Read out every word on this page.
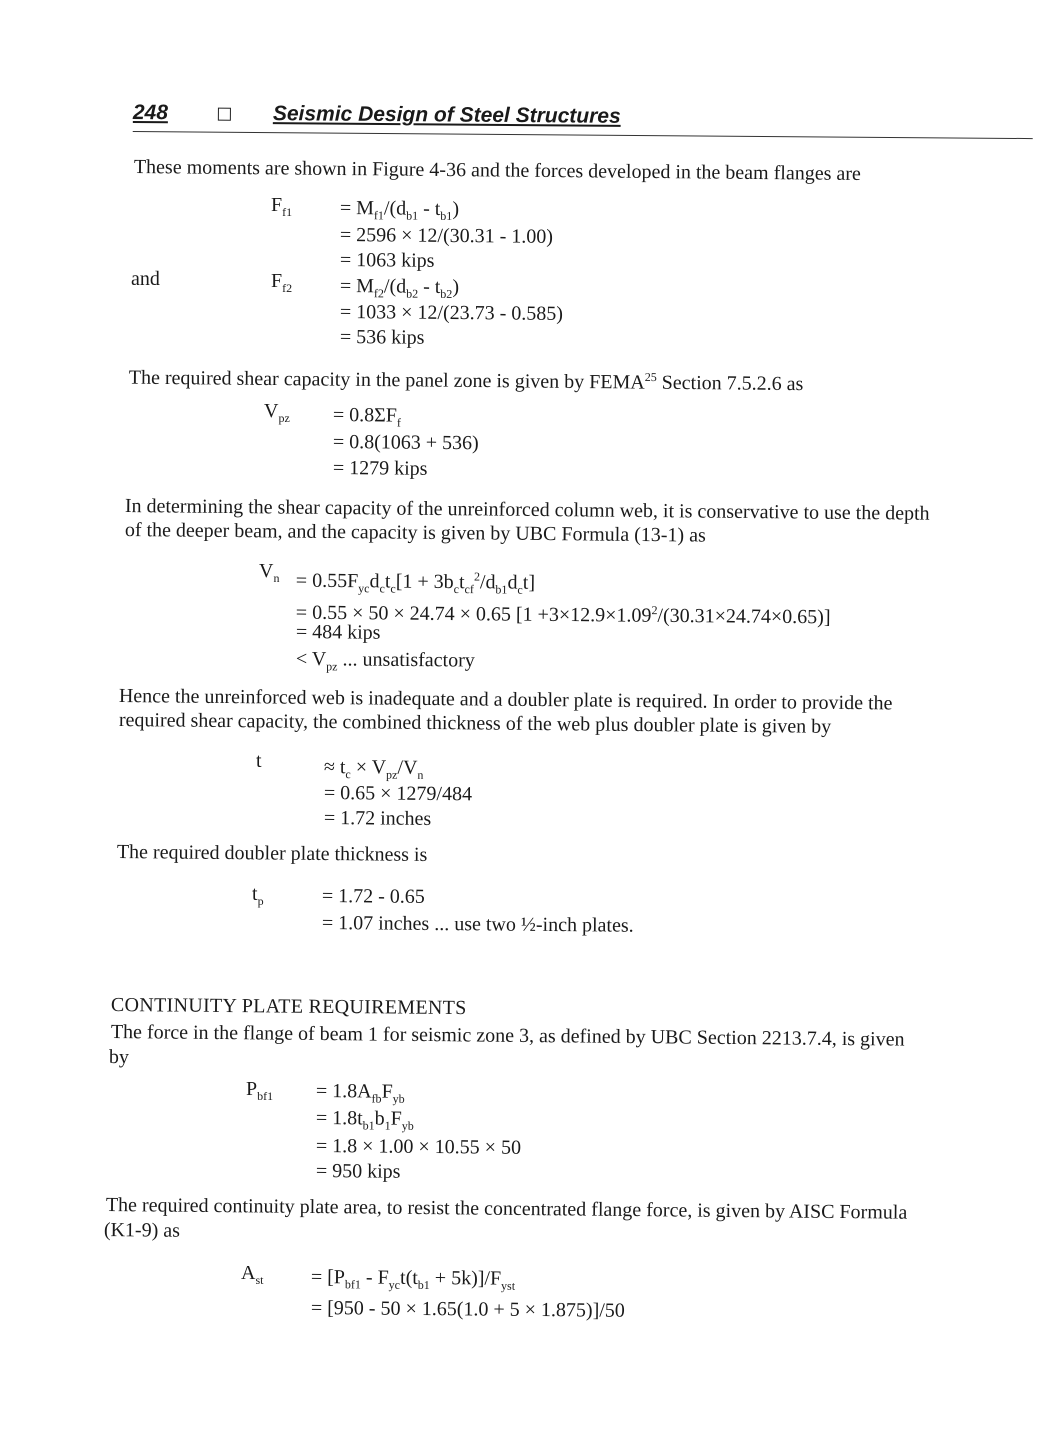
248	Seismic Design of Steel Structures
These moments are shown in Figure 4-36 and the forces developed in the beam flanges are
$F_{f1} = M_{f1}/(d_{b1} - t_{b1})$
= 2596 × 12/(30.31 - 1.00)
= 1063 kips
and	$F_{f2} = M_{f2}/(d_{b2} - t_{b2})$
= 1033 × 12/(23.73 - 0.585)
= 536 kips
The required shear capacity in the panel zone is given by FEMA$^{25}$ Section 7.5.2.6 as
$V_{pz} = 0.8\Sigma F_f$
= 0.8(1063 + 536)
= 1279 kips
In determining the shear capacity of the unreinforced column web, it is conservative to use the depth
of the deeper beam, and the capacity is given by UBC Formula (13-1) as
$V_n = 0.55F_{yc}d_ct_c[1 + 3b_ct_{cf}^2/d_{b1}d_ct]$
= 0.55 × 50 × 24.74 × 0.65 $[1 +3\times 12.9\times 1.09^2/(30.31\times 24.74\times 0.65)]$
= 484 kips
< $V_{pz}$ ... unsatisfactory
Hence the unreinforced web is inadequate and a doubler plate is required. In order to provide the
required shear capacity, the combined thickness of the web plus doubler plate is given by
t	≈ $t_c \times V_{pz}/V_n$
= 0.65 × 1279/484
= 1.72 inches
The required doubler plate thickness is
$t_p$	= 1.72 - 0.65
= 1.07 inches ... use two ½-inch plates.
CONTINUITY PLATE REQUIREMENTS
The force in the flange of beam 1 for seismic zone 3, as defined by UBC Section 2213.7.4, is given
by
$P_{bf1} = 1.8A_{fb}F_{yb}$
= $1.8t_{b1}b_1F_{yb}$
= 1.8 × 1.00 × 10.55 × 50
= 950 kips
The required continuity plate area, to resist the concentrated flange force, is given by AISC Formula
(K1-9) as
$A_{st} = [P_{bf1} - F_{yc}t(t_{b1} + 5k)]/F_{yst}$
= [950 - 50 × 1.65(1.0 + 5 × 1.875)]/50
